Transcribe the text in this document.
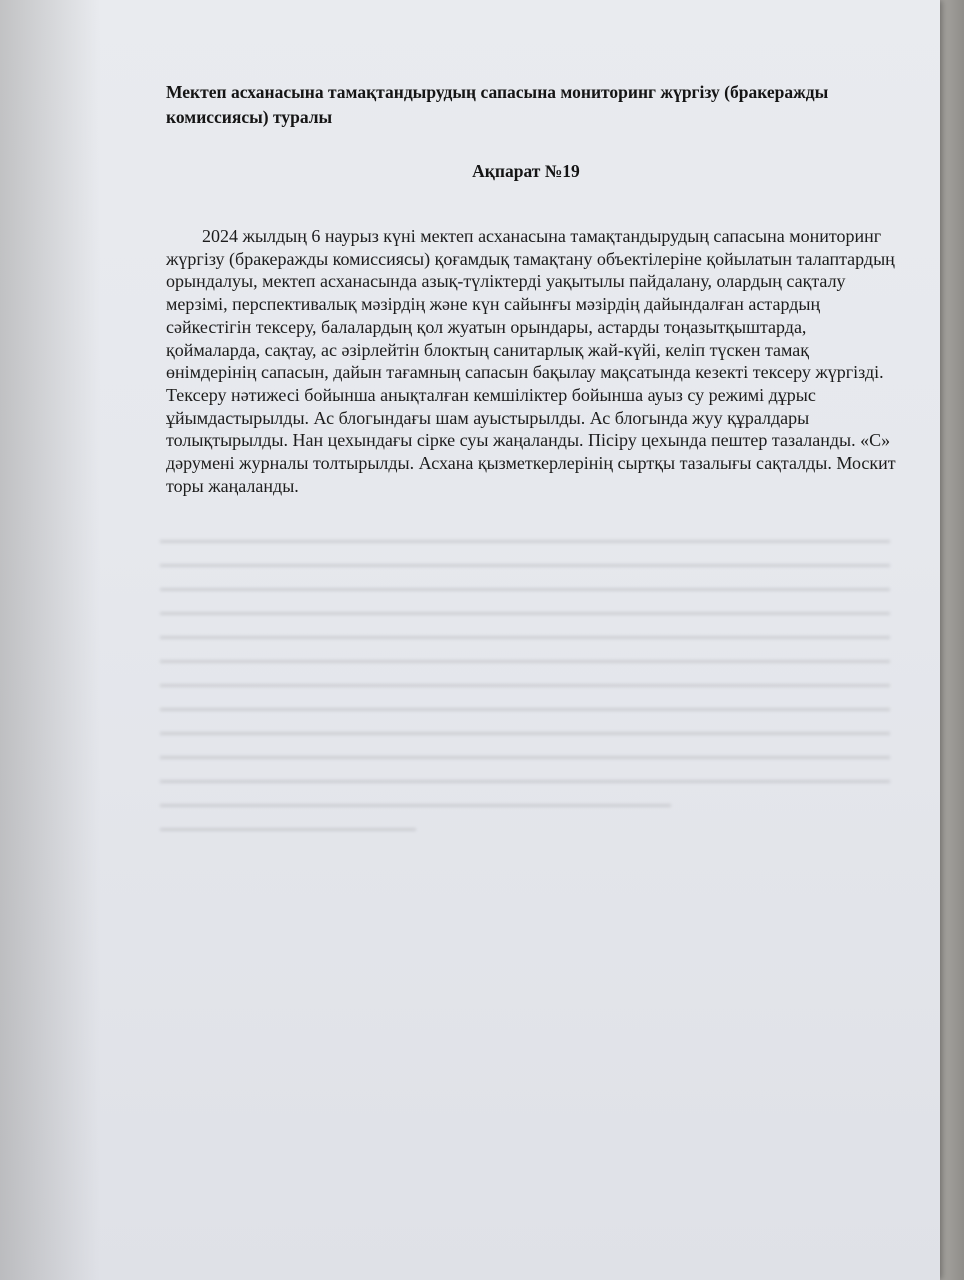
Мектеп асханасына тамақтандырудың сапасына мониторинг жүргізу (бракеражды комиссиясы) туралы
Ақпарат №19

2024 жылдың 6 наурыз күні мектеп асханасына тамақтандырудың сапасына мониторинг жүргізу (бракеражды комиссиясы) қоғамдық тамақтану объектілеріне қойылатын талаптардың орындалуы, мектеп асханасында азық-түліктерді уақытылы пайдалану, олардың сақталу мерзімі, перспективалық мәзірдің және күн сайынғы мәзірдің дайындалған астардың сәйкестігін тексеру, балалардың қол жуатын орындары, астарды тоңазытқыштарда, қоймаларда, сақтау, ас әзірлейтін блоктың санитарлық жай-күйі, келіп түскен тамақ өнімдерінің сапасын, дайын тағамның сапасын бақылау мақсатында кезекті тексеру жүргізді. Тексеру нәтижесі бойынша анықталған кемшіліктер бойынша ауыз су режимі дұрыс ұйымдастырылды. Ас блогындағы шам ауыстырылды. Ас блогында жуу құралдары толықтырылды. Нан цехындағы сірке суы жаңаланды. Пісіру цехында пештер тазаланды. «С» дәрумені журналы толтырылды. Асхана қызметкерлерінің сыртқы тазалығы сақталды. Москит торы жаңаланды.
